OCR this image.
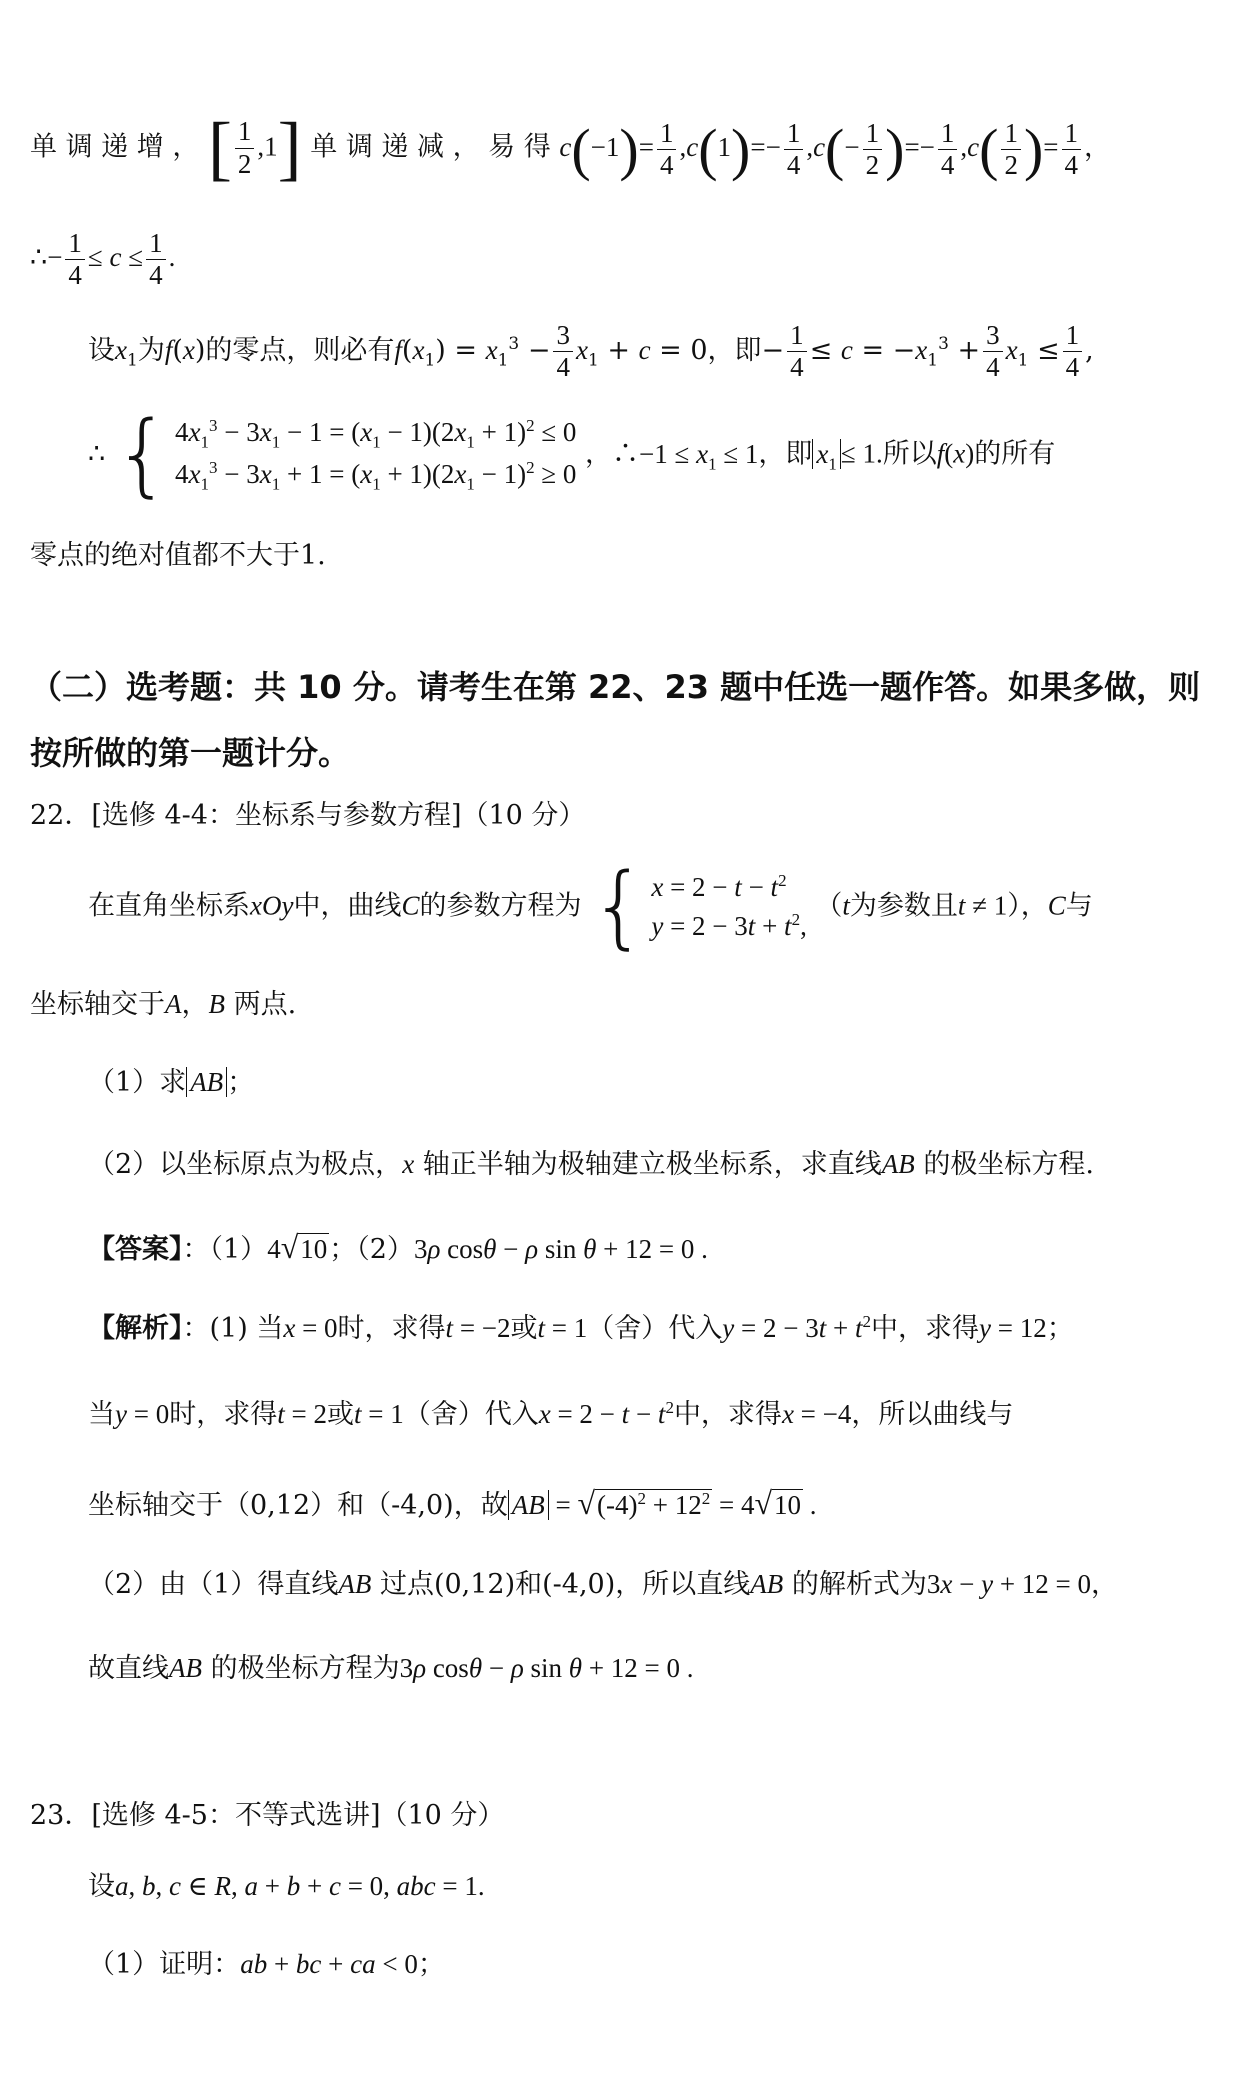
单 调 递 增 ， [ $\frac{1}{2} ,1$] 单 调 递 减 ， 易 得 $c(-1)= \frac{1}{4} ,c(1)=- \frac{1}{4} ,c(- \frac{1}{2}$ )=− $\frac{1}{4} ,c( \frac{1}{2}$ )= $\frac{1}{4}$ ，
∴− $\frac{1}{4} \le c \le \frac{1}{4}$ .
设$x_1$为f(x)的零点，则必有$f(x_1) = x_1^3 - \frac{3}{4} x_1 + c = 0$，即− $\frac{1}{4} \le c = -x_1^3 + \frac{3}{4} x_1 \le \frac{1}{4}$ ,
∴ { $4x_1^3 - 3x_1 - 1 = (x_1 - 1)(2x_1 + 1)^2 \le 0$
$4x_1^3 - 3x_1 + 1 = (x_1 + 1)(2x_1 - 1)^2 \ge 0$
，∴−1 ≤ $x_1 \le 1$，即 $x_1 \le 1$.所以f(x)的所有
零点的绝对值都不大于1.
（二）选考题：共 10 分。请考生在第 22、23 题中任选一题作答。如果多做，则
按所做的第一题计分。
22．[选修 4-4：坐标系与参数方程]（10 分）
在直角坐标系xOy中，曲线C的参数方程为 { $x = 2 - t - t^2$
$y = 2 - 3t + t^2$,
（t为参数且t ≠ 1），C与
坐标轴交于A，B 两点.
（1）求 AB ；
（2）以坐标原点为极点，x 轴正半轴为极轴建立极坐标系，求直线AB 的极坐标方程.
【答案】：（1）4√10；（2）3ρ cosθ − ρ sin θ + 12 = 0 .
【解析】：(1) 当x = 0时，求得t = −2或t = 1（舍）代入$y = 2 - 3t + t^2$中，求得y = 12；
当y = 0时，求得t = 2或t = 1（舍）代入$x = 2 - t - t^2$中，求得x = −4，所以曲线与
坐标轴交于（0,12）和（-4,0)，故 AB = $√(-4)^2 + 12^2 = 4√10$ .
（2）由（1）得直线AB 过点(0,12)和(-4,0)，所以直线AB 的解析式为3x − y + 12 = 0，
故直线AB 的极坐标方程为3ρ cosθ − ρ sin θ + 12 = 0 .
23．[选修 4-5：不等式选讲]（10 分）
设a, b, c ∈ R, a + b + c = 0, abc = 1.
（1）证明：ab + bc + ca < 0；
